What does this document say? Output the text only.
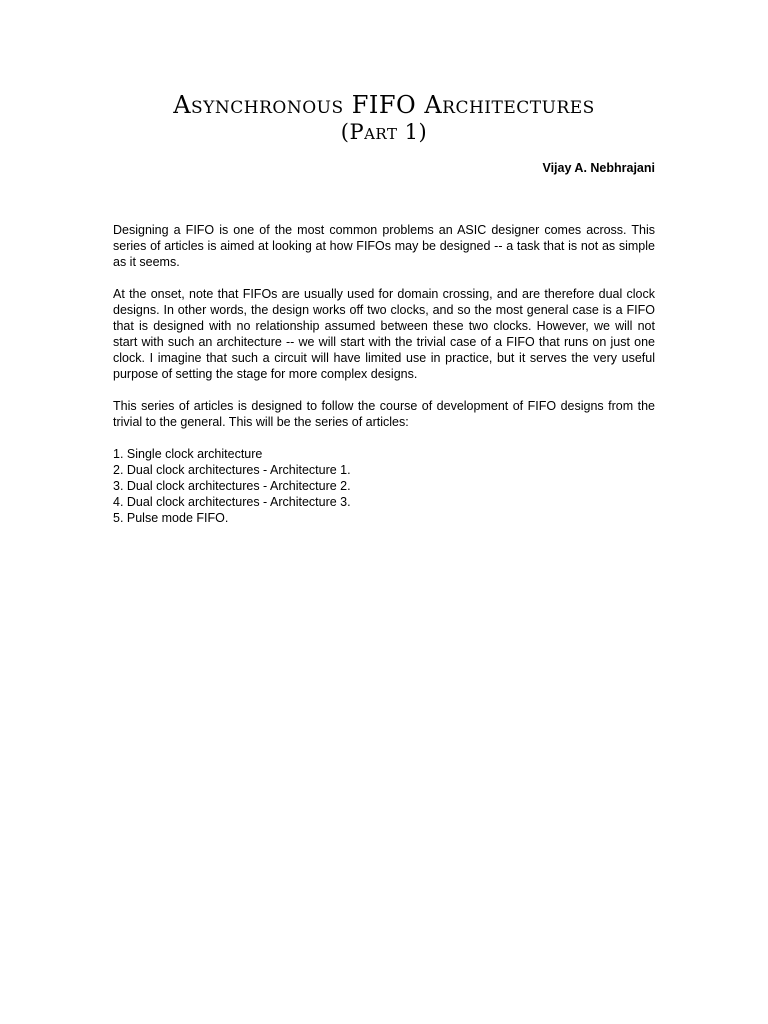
Asynchronous FIFO Architectures
(Part 1)
Vijay A. Nebhrajani

Designing a FIFO is one of the most common problems an ASIC designer comes across. This series of articles is aimed at looking at how FIFOs may be designed -- a task that is not as simple as it seems.

At the onset, note that FIFOs are usually used for domain crossing, and are therefore dual clock designs. In other words, the design works off two clocks, and so the most general case is a FIFO that is designed with no relationship assumed between these two clocks. However, we will not start with such an architecture -- we will start with the trivial case of a FIFO that runs on just one clock. I imagine that such a circuit will have limited use in practice, but it serves the very useful purpose of setting the stage for more complex designs.

This series of articles is designed to follow the course of development of FIFO designs from the trivial to the general. This will be the series of articles:

1. Single clock architecture
2. Dual clock architectures - Architecture 1.
3. Dual clock architectures - Architecture 2.
4. Dual clock architectures - Architecture 3.
5. Pulse mode FIFO.
